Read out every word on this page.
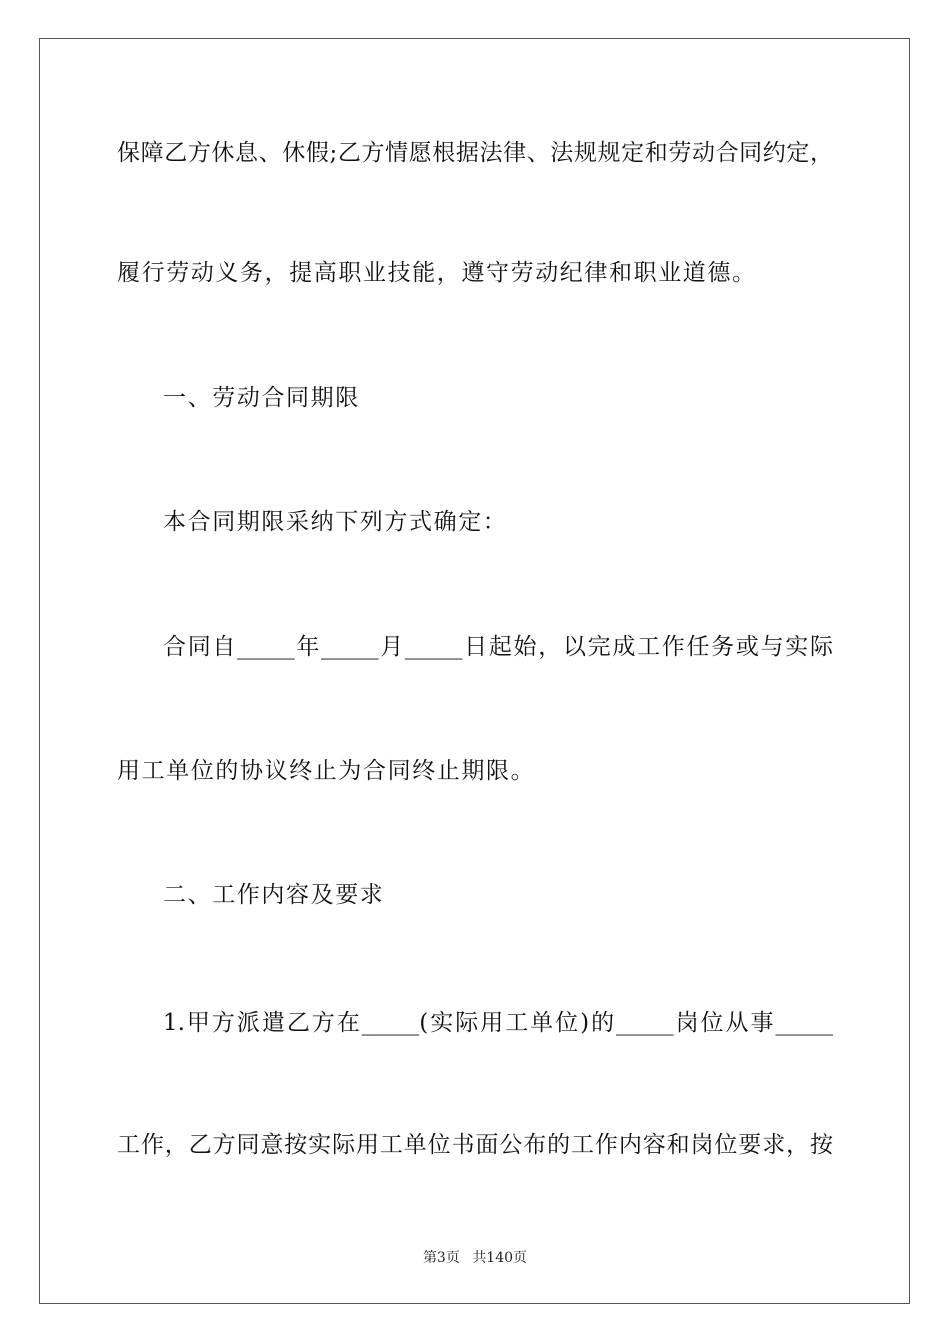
保障乙方休息、休假;乙方情愿根据法律、法规规定和劳动合同约定，
履行劳动义务，提高职业技能，遵守劳动纪律和职业道德。
一、劳动合同期限
本合同期限采纳下列方式确定：
合同自_____年_____月_____日起始，以完成工作任务或与实际
用工单位的协议终止为合同终止期限。
二、工作内容及要求
1.甲方派遣乙方在_____(实际用工单位)的_____岗位从事_____
工作，乙方同意按实际用工单位书面公布的工作内容和岗位要求，按
第3页 共140页
